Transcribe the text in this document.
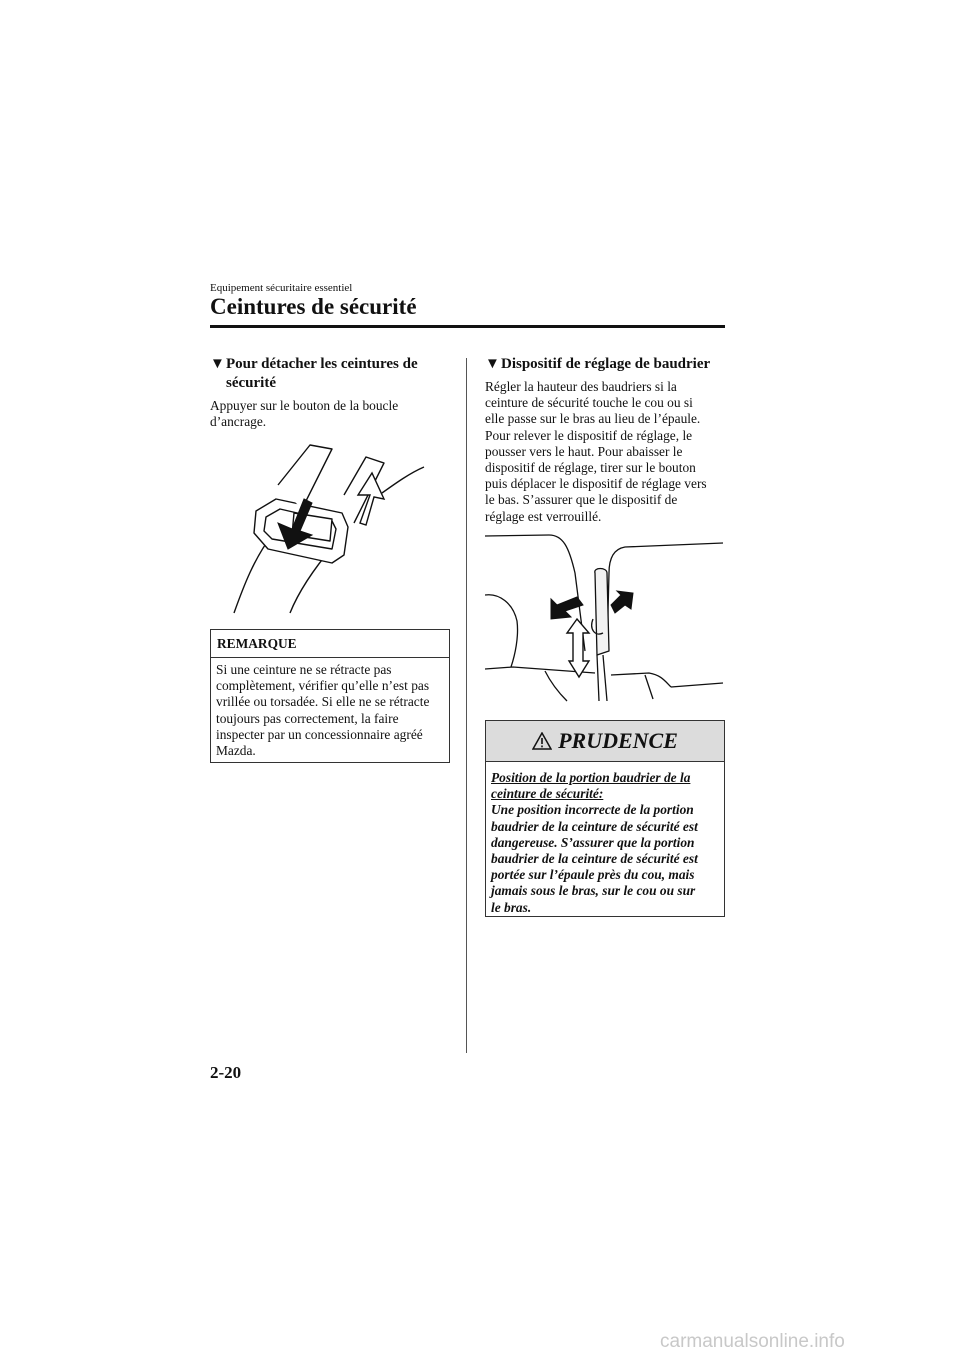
Equipement sécuritaire essentiel
Ceintures de sécurité
▼Pour détacher les ceintures de
sécurité
Appuyer sur le bouton de la boucle
d’ancrage.
REMARQUE
Si une ceinture ne se rétracte pas
complètement, vérifier qu’elle n’est pas
vrillée ou torsadée. Si elle ne se rétracte
toujours pas correctement, la faire
inspecter par un concessionnaire agréé
Mazda.
▼Dispositif de réglage de baudrier
Régler la hauteur des baudriers si la
ceinture de sécurité touche le cou ou si
elle passe sur le bras au lieu de l’épaule.
Pour relever le dispositif de réglage, le
pousser vers le haut. Pour abaisser le
dispositif de réglage, tirer sur le bouton
puis déplacer le dispositif de réglage vers
le bas. S’assurer que le dispositif de
réglage est verrouillé.
PRUDENCE
Position de la portion baudrier de la
ceinture de sécurité:
Une position incorrecte de la portion
baudrier de la ceinture de sécurité est
dangereuse. S’assurer que la portion
baudrier de la ceinture de sécurité est
portée sur l’épaule près du cou, mais
jamais sous le bras, sur le cou ou sur
le bras.
2-20
carmanualsonline.info
